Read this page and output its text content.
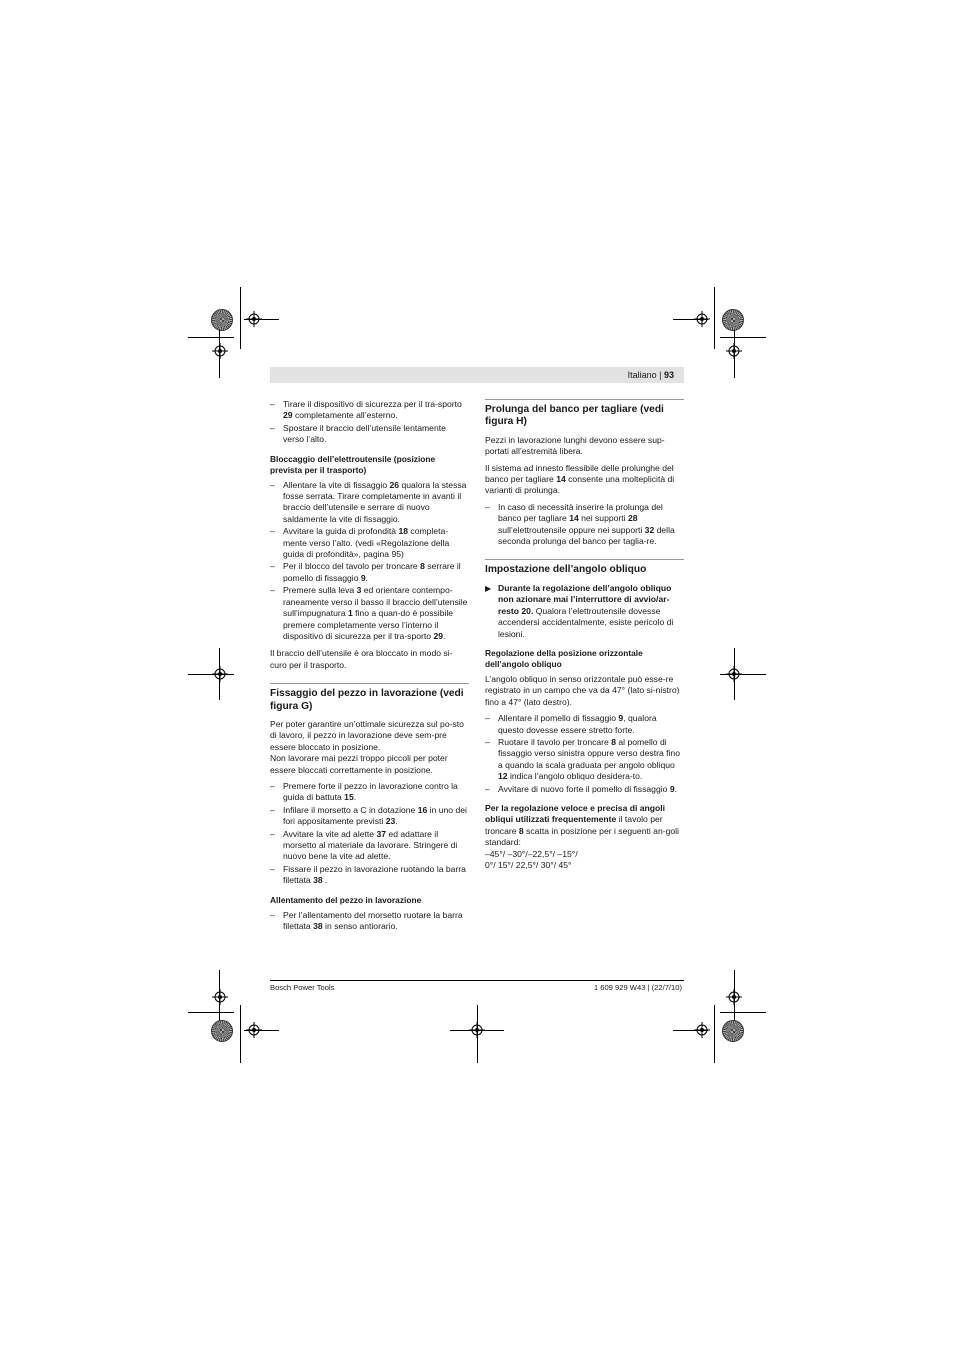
Italiano | 93
– Tirare il dispositivo di sicurezza per il tra-sporto 29 completamente all’esterno.
– Spostare il braccio dell’utensile lentamente verso l’alto.
Bloccaggio dell’elettroutensile (posizione prevista per il trasporto)
– Allentare la vite di fissaggio 26 qualora la stessa fosse serrata. Tirare completamente in avanti il braccio dell’utensile e serrare di nuovo saldamente la vite di fissaggio.
– Avvitare la guida di profondità 18 completa-mente verso l’alto. (vedi «Regolazione della guida di profondità», pagina 95)
– Per il blocco del tavolo per troncare 8 serrare il pomello di fissaggio 9.
– Premere sulla leva 3 ed orientare contempo-raneamente verso il basso il braccio dell’utensile sull’impugnatura 1 fino a quan-do è possibile premere completamente verso l’interno il dispositivo di sicurezza per il tra-sporto 29.

Il braccio dell’utensile è ora bloccato in modo si-curo per il trasporto.

Fissaggio del pezzo in lavorazione (vedi figura G)

Per poter garantire un’ottimale sicurezza sul po-sto di lavoro, il pezzo in lavorazione deve sem-pre essere bloccato in posizione.

Non lavorare mai pezzi troppo piccoli per poter essere bloccati correttamente in posizione.

– Premere forte il pezzo in lavorazione contro la guida di battuta 15.
– Infilare il morsetto a C in dotazione 16 in uno dei fori appositamente previsti 23.
– Avvitare la vite ad alette 37 ed adattare il morsetto al materiale da lavorare. Stringere di nuovo bene la vite ad alette.
– Fissare il pezzo in lavorazione ruotando la barra filettata 38 .
Allentamento del pezzo in lavorazione
– Per l’allentamento del morsetto ruotare la barra filettata 38 in senso antiorario.
Prolunga del banco per tagliare (vedi figura H)

Pezzi in lavorazione lunghi devono essere sup-portati all’estremità libera.

Il sistema ad innesto flessibile delle prolunghe del banco per tagliare 14 consente una molteplicità di varianti di prolunga.

– In caso di necessità inserire la prolunga del banco per tagliare 14 nei supporti 28 sull’elettroutensile oppure nei supporti 32 della seconda prolunga del banco per taglia-re.
Impostazione dell’angolo obliquo
▶ Durante la regolazione dell’angolo obliquo non azionare mai l’interruttore di avvio/ar-resto 20. Qualora l’elettroutensile dovesse accendersi accidentalmente, esiste pericolo di lesioni.
Regolazione della posizione orizzontale dell’angolo obliquo

L’angolo obliquo in senso orizzontale può esse-re registrato in un campo che va da 47° (lato si-nistro) fino a 47° (lato destro).

– Allentare il pomello di fissaggio 9, qualora questo dovesse essere stretto forte.
– Ruotare il tavolo per troncare 8 al pomello di fissaggio verso sinistra oppure verso destra fino a quando la scala graduata per angolo obliquo 12 indica l’angolo obliquo desidera-to.
– Avvitare di nuovo forte il pomello di fissaggio 9.

Per la regolazione veloce e precisa di angoli obliqui utilizzati frequentemente il tavolo per troncare 8 scatta in posizione per i seguenti an-goli standard:

–45°/ –30°/–22,5°/ –15°/
0°/ 15°/ 22,5°/ 30°/ 45°
Bosch Power Tools	1 609 929 W43 | (22/7/10)
